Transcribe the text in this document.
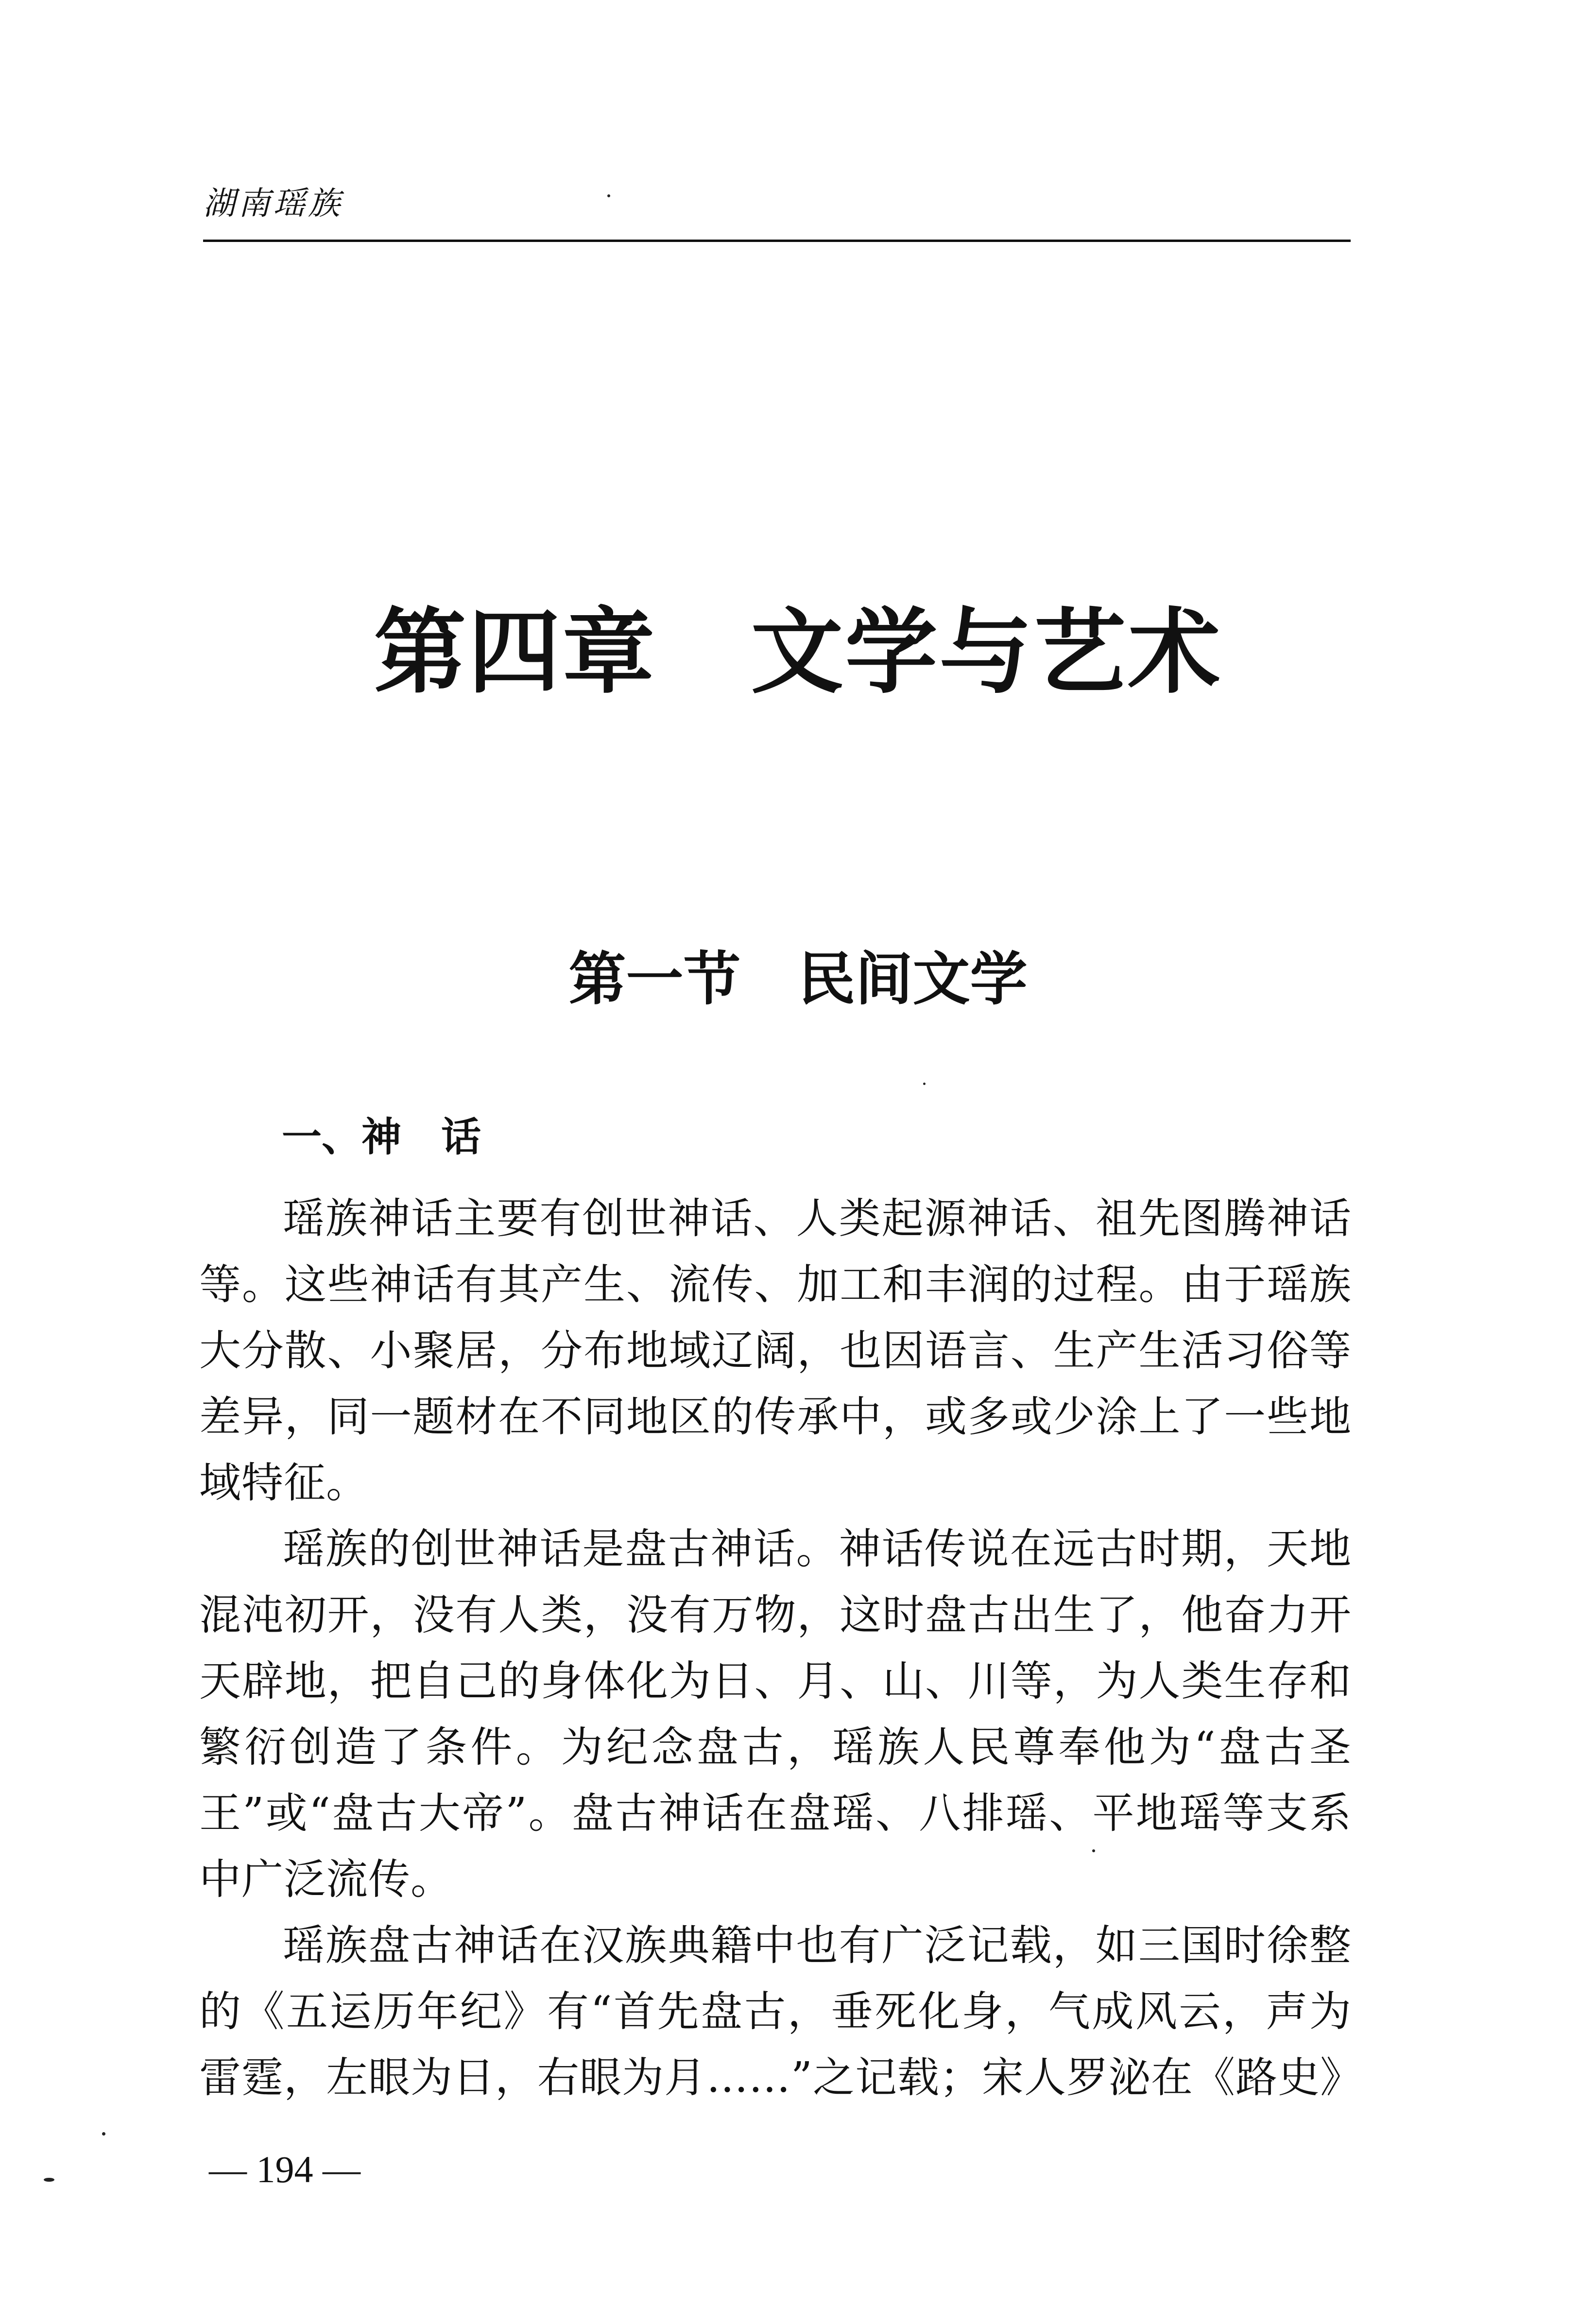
湖南瑶族
第四章　文学与艺术
第一节　民间文学
一、神　话

瑶族神话主要有创世神话、人类起源神话、祖先图腾神话等。这些神话有其产生、流传、加工和丰润的过程。由于瑶族大分散、小聚居，分布地域辽阔，也因语言、生产生活习俗等差异，同一题材在不同地区的传承中，或多或少涂上了一些地域特征。

瑶族的创世神话是盘古神话。神话传说在远古时期，天地混沌初开，没有人类，没有万物，这时盘古出生了，他奋力开天辟地，把自己的身体化为日、月、山、川等，为人类生存和繁衍创造了条件。为纪念盘古，瑶族人民尊奉他为“盘古圣王”或“盘古大帝”。盘古神话在盘瑶、八排瑶、平地瑶等支系中广泛流传。

瑶族盘古神话在汉族典籍中也有广泛记载，如三国时徐整的《五运历年纪》有“首先盘古，垂死化身，气成风云，声为雷霆，左眼为日，右眼为月……”之记载；宋人罗泌在《路史》

— 194 —
